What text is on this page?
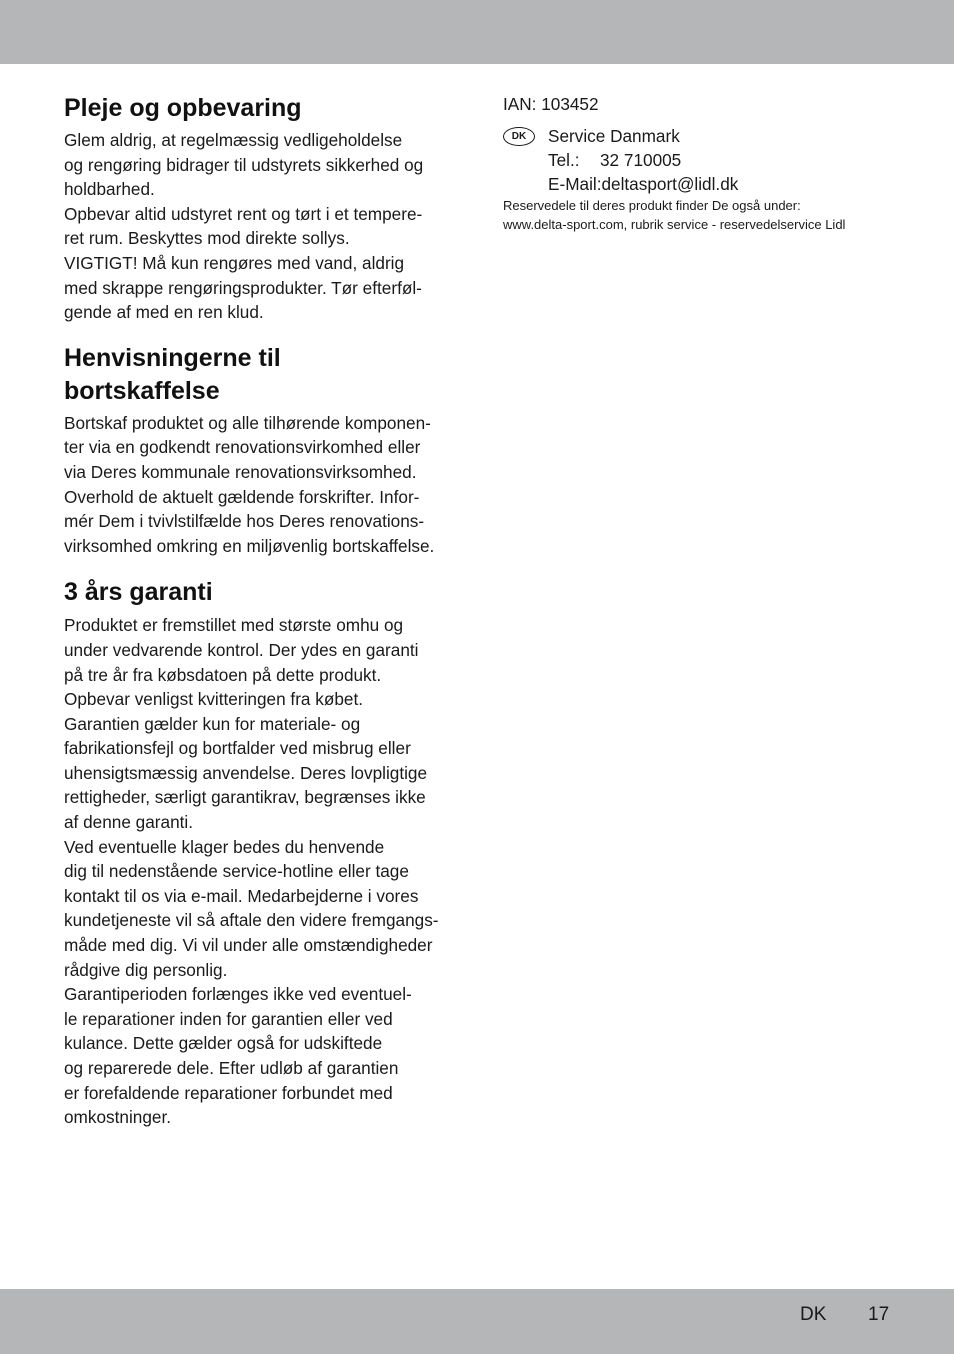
Pleje og opbevaring

Glem aldrig, at regelmæssig vedligeholdelse
og rengøring bidrager til udstyrets sikkerhed og
holdbarhed.
Opbevar altid udstyret rent og tørt i et tempere-
ret rum. Beskyttes mod direkte sollys.
VIGTIGT! Må kun rengøres med vand, aldrig
med skrappe rengøringsprodukter. Tør efterføl-
gende af med en ren klud.

Henvisningerne til
bortskaffelse

Bortskaf produktet og alle tilhørende komponen-
ter via en godkendt renovationsvirkomhed eller
via Deres kommunale renovationsvirksomhed.
Overhold de aktuelt gældende forskrifter. Infor-
mér Dem i tvivlstilfælde hos Deres renovations-
virksomhed omkring en miljøvenlig bortskaffelse.

3 års garanti

Produktet er fremstillet med største omhu og
under vedvarende kontrol. Der ydes en garanti
på tre år fra købsdatoen på dette produkt.
Opbevar venligst kvitteringen fra købet.
Garantien gælder kun for materiale- og
fabrikationsfejl og bortfalder ved misbrug eller
uhensigtsmæssig anvendelse. Deres lovpligtige
rettigheder, særligt garantikrav, begrænses ikke
af denne garanti.
Ved eventuelle klager bedes du henvende
dig til nedenstående service-hotline eller tage
kontakt til os via e-mail. Medarbejderne i vores
kundetjeneste vil så aftale den videre fremgangs-
måde med dig. Vi vil under alle omstændigheder
rådgive dig personlig.
Garantiperioden forlænges ikke ved eventuel-
le reparationer inden for garantien eller ved
kulance. Dette gælder også for udskiftede
og reparerede dele. Efter udløb af garantien
er forefaldende reparationer forbundet med
omkostninger.

IAN: 103452
DK	Service Danmark
Tel.: 32 710005
E-Mail:deltasport@lidl.dk
Reservedele til deres produkt finder De også under:
www.delta-sport.com, rubrik service - reservedelservice Lidl
DK 17
